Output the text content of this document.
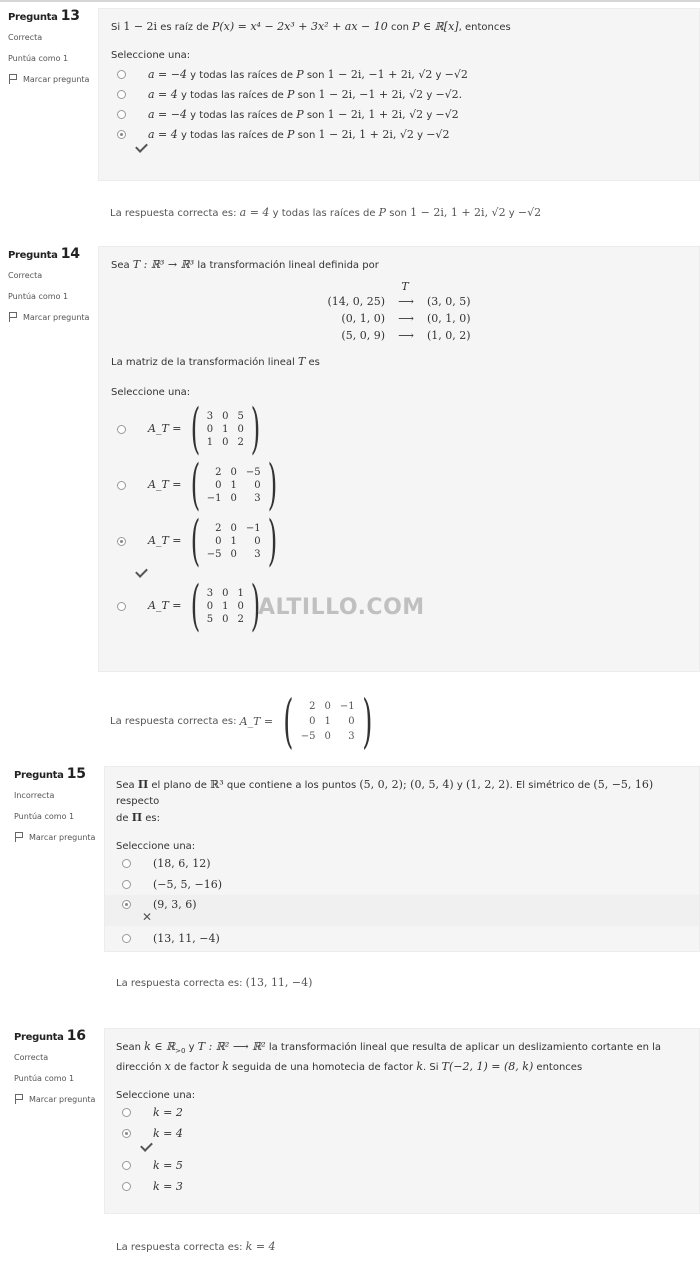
Pregunta 13
Correcta
Puntúa como 1
Marcar pregunta
Si 1 − 2i es raíz de P(x) = x⁴ − 2x³ + 3x² + ax − 10 con P ∈ ℝ[x], entonces
Seleccione una:
a = −4 y todas las raíces de P son 1 − 2i, −1 + 2i, √2 y −√2
a = 4 y todas las raíces de P son 1 − 2i, −1 + 2i, √2 y −√2.
a = −4 y todas las raíces de P son 1 − 2i, 1 + 2i, √2 y −√2
a = 4 y todas las raíces de P son 1 − 2i, 1 + 2i, √2 y −√2
La respuesta correcta es: a = 4 y todas las raíces de P son 1 − 2i, 1 + 2i, √2 y −√2
Pregunta 14
Correcta
Puntúa como 1
Marcar pregunta
Sea T : ℝ³ → ℝ³ la transformación lineal definida por
T
(14, 0, 25)	⟶	(3, 0, 5)
(0, 1, 0)	⟶	(0, 1, 0)
(5, 0, 9)	⟶	(1, 0, 2)
La matriz de la transformación lineal T es
Seleccione una:
A_T = ( 3 0 5
0 1 0
1 0 2 )
A_T = (	2 0 −5
0 1	0
−1 0	3 )
A_T = (	2 0 −1
0 1	0
−5 0	3 )
A_T = ( 3 0 1
0 1 0
5 0 2 )
La respuesta correcta es:
A_T = (	2 0 −1
0 1	0
−5 0	3 )
ALTILLO.COM
Pregunta 15
Incorrecta
Puntúa como 1
Marcar pregunta
Sea Π el plano de ℝ³ que contiene a los puntos (5, 0, 2); (0, 5, 4) y (1, 2, 2). El simétrico de (5, −5, 16) respecto
de Π es:
Seleccione una:
(18, 6, 12)
(−5, 5, −16)
(9, 3, 6)
✕
(13, 11, −4)
La respuesta correcta es: (13, 11, −4)
Pregunta 16
Correcta
Puntúa como 1
Marcar pregunta
Sean k ∈ ℝ$_{>0}$ y T : ℝ² ⟶ ℝ² la transformación lineal que resulta de aplicar un deslizamiento cortante en la
dirección x de factor k seguida de una homotecia de factor k. Si T(−2, 1) = (8, k) entonces
Seleccione una:
k = 2
k = 4
k = 5
k = 3
La respuesta correcta es: k = 4
